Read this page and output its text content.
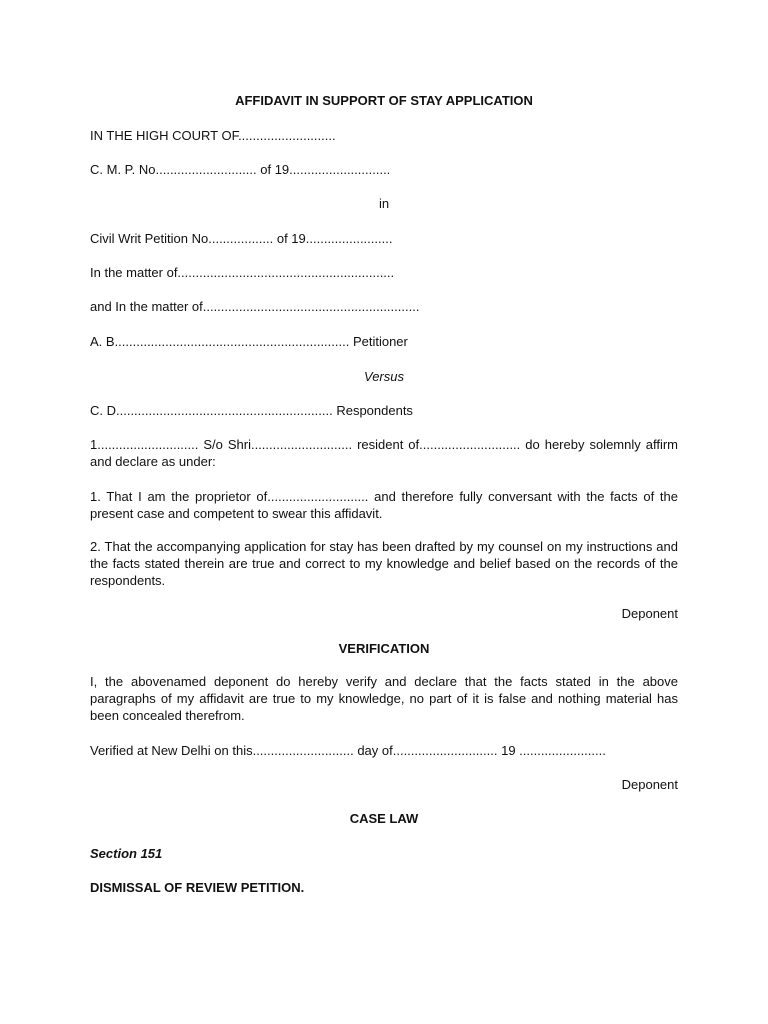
AFFIDAVIT IN SUPPORT OF STAY APPLICATION
IN THE HIGH COURT OF...........................
C. M. P. No............................ of 19............................
in
Civil Writ Petition No.................. of 19........................
In the matter of............................................................
and In the matter of............................................................
A. B................................................................. Petitioner
Versus
C. D............................................................ Respondents
1............................ S/o Shri............................ resident of............................ do hereby solemnly affirm and declare as under:
1. That I am the proprietor of............................ and therefore fully conversant with the facts of the present case and competent to swear this affidavit.
2. That the accompanying application for stay has been drafted by my counsel on my instructions and the facts stated therein are true and correct to my knowledge and belief based on the records of the respondents.
Deponent
VERIFICATION
I, the abovenamed deponent do hereby verify and declare that the facts stated in the above paragraphs of my affidavit are true to my knowledge, no part of it is false and nothing material has been concealed therefrom.
Verified at New Delhi on this............................ day of............................. 19 ........................
Deponent
CASE LAW
Section 151
DISMISSAL OF REVIEW PETITION.
